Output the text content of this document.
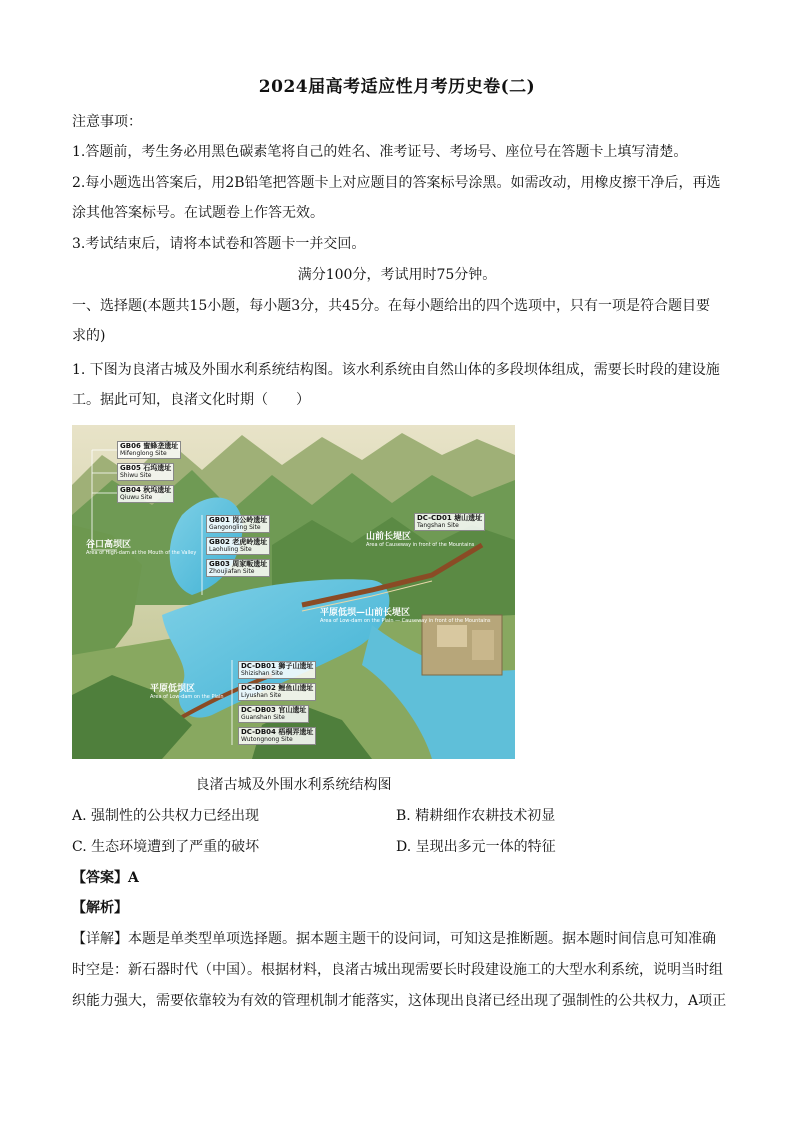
2024届高考适应性月考历史卷(二)
注意事项：
1.答题前，考生务必用黑色碳素笔将自己的姓名、准考证号、考场号、座位号在答题卡上填写清楚。
2.每小题选出答案后，用2B铅笔把答题卡上对应题目的答案标号涂黑。如需改动，用橡皮擦干净后，再选
涂其他答案标号。在试题卷上作答无效。
3.考试结束后，请将本试卷和答题卡一并交回。
满分100分，考试用时75分钟。
一、选择题(本题共15小题，每小题3分，共45分。在每小题给出的四个选项中，只有一项是符合题目要
求的)
1. 下图为良渚古城及外围水利系统结构图。该水利系统由自然山体的多段坝体组成，需要长时段的建设施
工。据此可知，良渚文化时期（　　）
GB06 蜜蜂垄遗址
Mifenglong Site
GB05 石坞遗址
Shiwu Site
GB04 秋坞遗址
Qiuwu Site
GB01 岗公岭遗址
Gangongling Site
GB02 老虎岭遗址
Laohuling Site
GB03 周家畈遗址
Zhoujiafan Site
DC-CD01 塘山遗址
Tangshan Site
DC-DB01 狮子山遗址
Shizishan Site
DC-DB02 鲤鱼山遗址
Liyushan Site
DC-DB03 官山遗址
Guanshan Site
DC-DB04 梧桐弄遗址
Wutongnong Site
谷口高坝区
Area of High-dam at the Mouth of the Valley
山前长堤区
Area of Causeway in front of the Mountains
平原低坝—山前长堤区
Area of Low-dam on the Plain — Causeway in front of the Mountains
平原低坝区
Area of Low-dam on the Plain
良渚古城及外围水利系统结构图
A. 强制性的公共权力已经出现	B. 精耕细作农耕技术初显
C. 生态环境遭到了严重的破坏	D. 呈现出多元一体的特征
【答案】A
【解析】
【详解】本题是单类型单项选择题。据本题主题干的设问词，可知这是推断题。据本题时间信息可知准确
时空是：新石器时代（中国）。根据材料，良渚古城出现需要长时段建设施工的大型水利系统，说明当时组
织能力强大，需要依靠较为有效的管理机制才能落实，这体现出良渚已经出现了强制性的公共权力，A项正
